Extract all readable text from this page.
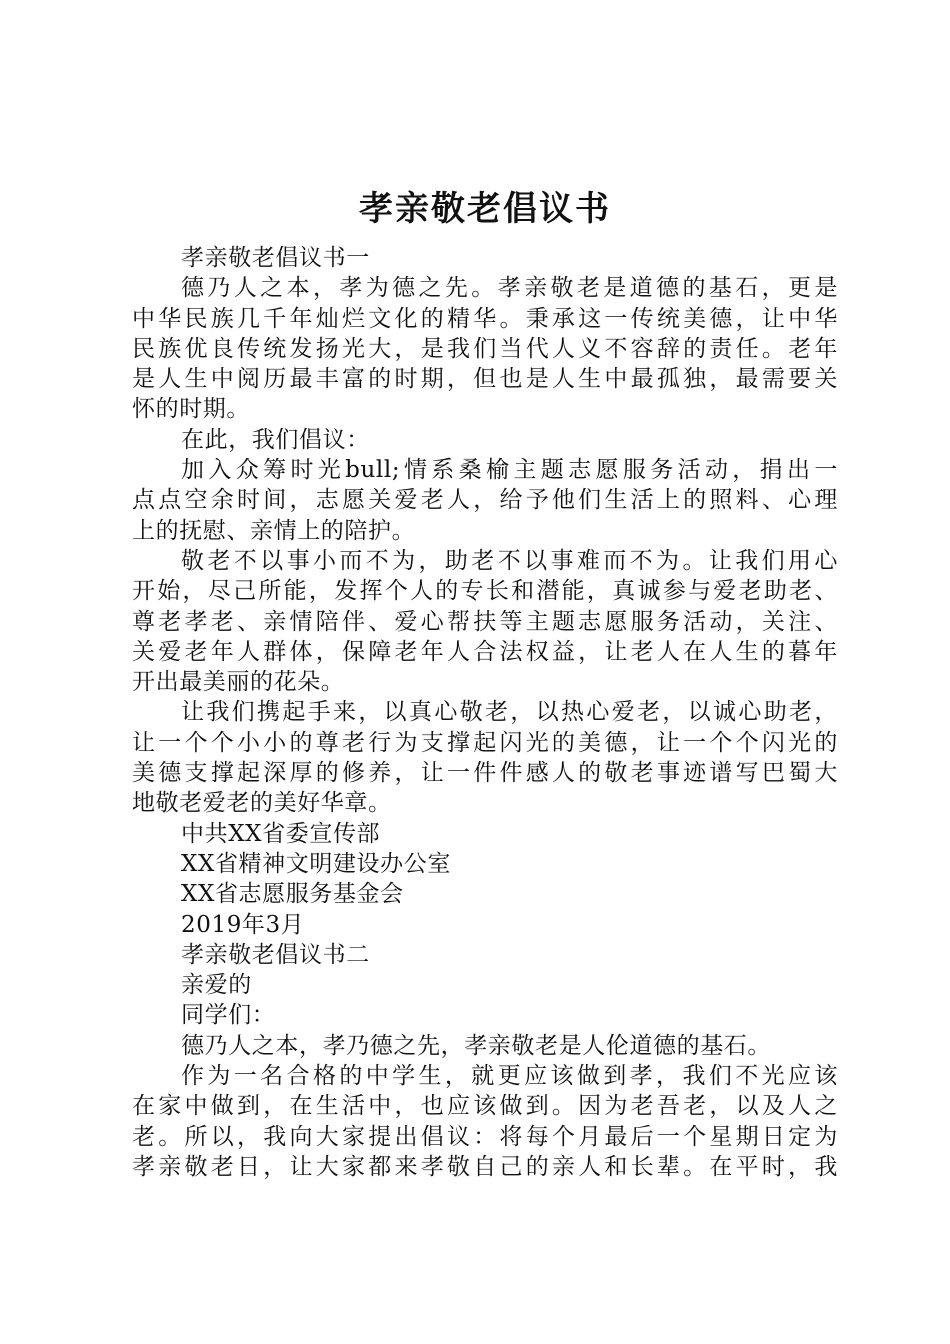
孝亲敬老倡议书

孝亲敬老倡议书一

德乃人之本，孝为德之先。孝亲敬老是道德的基石，更是

中华民族几千年灿烂文化的精华。秉承这一传统美德，让中华

民族优良传统发扬光大，是我们当代人义不容辞的责任。老年

是人生中阅历最丰富的时期，但也是人生中最孤独，最需要关

怀的时期。

在此，我们倡议：

加入众筹时光bull;情系桑榆主题志愿服务活动，捐出一

点点空余时间，志愿关爱老人，给予他们生活上的照料、心理

上的抚慰、亲情上的陪护。

敬老不以事小而不为，助老不以事难而不为。让我们用心

开始，尽己所能，发挥个人的专长和潜能，真诚参与爱老助老、

尊老孝老、亲情陪伴、爱心帮扶等主题志愿服务活动，关注、

关爱老年人群体，保障老年人合法权益，让老人在人生的暮年

开出最美丽的花朵。

让我们携起手来，以真心敬老，以热心爱老，以诚心助老，

让一个个小小的尊老行为支撑起闪光的美德，让一个个闪光的

美德支撑起深厚的修养，让一件件感人的敬老事迹谱写巴蜀大

地敬老爱老的美好华章。

中共XX省委宣传部

XX省精神文明建设办公室

XX省志愿服务基金会

2019年3月

孝亲敬老倡议书二

亲爱的

同学们：

德乃人之本，孝乃德之先，孝亲敬老是人伦道德的基石。

作为一名合格的中学生，就更应该做到孝，我们不光应该

在家中做到，在生活中，也应该做到。因为老吾老，以及人之

老。所以，我向大家提出倡议：将每个月最后一个星期日定为

孝亲敬老日，让大家都来孝敬自己的亲人和长辈。在平时，我
